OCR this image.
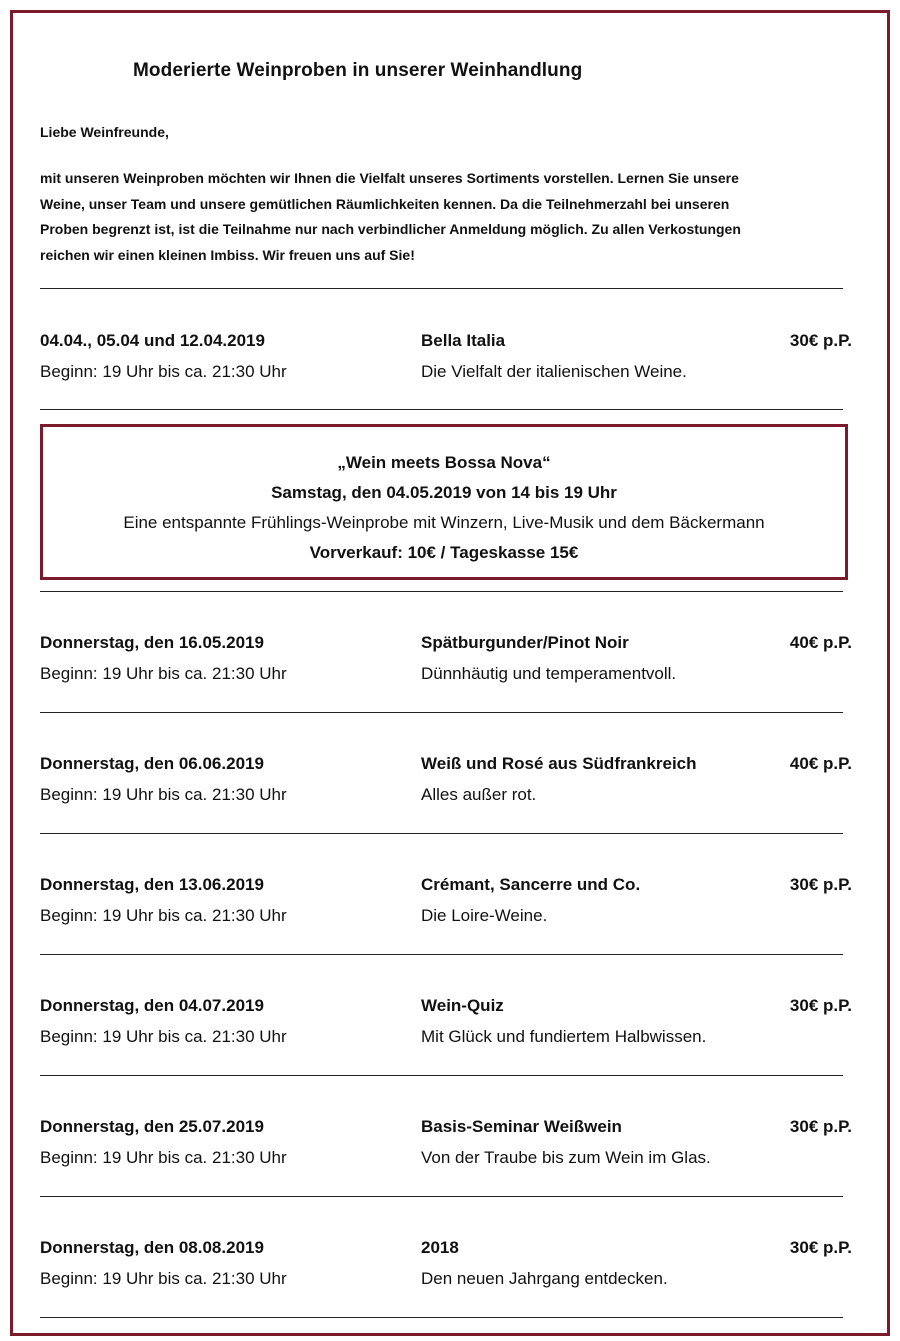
Moderierte Weinproben in unserer Weinhandlung
Liebe Weinfreunde,
mit unseren Weinproben möchten wir Ihnen die Vielfalt unseres Sortiments vorstellen. Lernen Sie unsere
Weine, unser Team und unsere gemütlichen Räumlichkeiten kennen. Da die Teilnehmerzahl bei unseren
Proben begrenzt ist, ist die Teilnahme nur nach verbindlicher Anmeldung möglich. Zu allen Verkostungen
reichen wir einen kleinen Imbiss. Wir freuen uns auf Sie!
04.04., 05.04 und 12.04.2019
Beginn: 19 Uhr bis ca. 21:30 Uhr
Bella Italia
Die Vielfalt der italienischen Weine.
30€ p.P.
„Wein meets Bossa Nova“
Samstag, den 04.05.2019 von 14 bis 19 Uhr
Eine entspannte Frühlings-Weinprobe mit Winzern, Live-Musik und dem Bäckermann
Vorverkauf: 10€ / Tageskasse 15€
Donnerstag, den 16.05.2019
Beginn: 19 Uhr bis ca. 21:30 Uhr
Spätburgunder/Pinot Noir
Dünnhäutig und temperamentvoll.
40€ p.P.
Donnerstag, den 06.06.2019
Beginn: 19 Uhr bis ca. 21:30 Uhr
Weiß und Rosé aus Südfrankreich
Alles außer rot.
40€ p.P.
Donnerstag, den 13.06.2019
Beginn: 19 Uhr bis ca. 21:30 Uhr
Crémant, Sancerre und Co.
Die Loire-Weine.
30€ p.P.
Donnerstag, den 04.07.2019
Beginn: 19 Uhr bis ca. 21:30 Uhr
Wein-Quiz
Mit Glück und fundiertem Halbwissen.
30€ p.P.
Donnerstag, den 25.07.2019
Beginn: 19 Uhr bis ca. 21:30 Uhr
Basis-Seminar Weißwein
Von der Traube bis zum Wein im Glas.
30€ p.P.
Donnerstag, den 08.08.2019
Beginn: 19 Uhr bis ca. 21:30 Uhr
2018
Den neuen Jahrgang entdecken.
30€ p.P.
